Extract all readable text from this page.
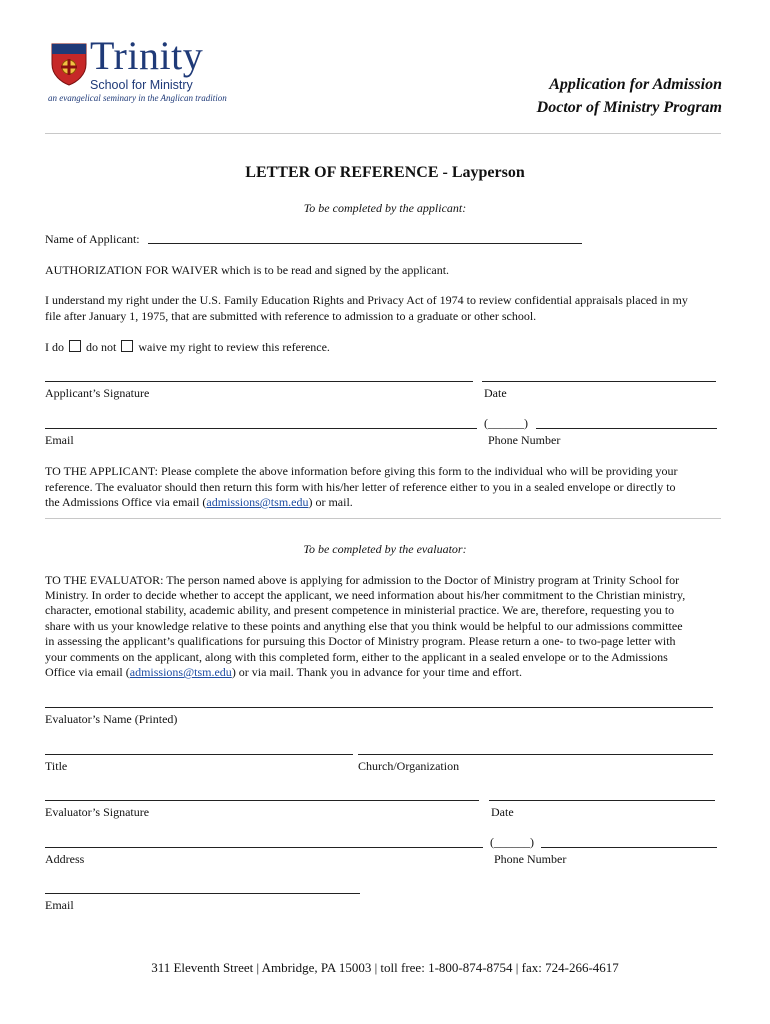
Trinity
School for Ministry
an evangelical seminary in the Anglican tradition
Application for Admission
Doctor of Ministry Program
LETTER OF REFERENCE - Layperson
To be completed by the applicant:
Name of Applicant:
AUTHORIZATION FOR WAIVER which is to be read and signed by the applicant.
I understand my right under the U.S. Family Education Rights and Privacy Act of 1974 to review confidential appraisals placed in my
file after January 1, 1975, that are submitted with reference to admission to a graduate or other school.
I do do not waive my right to review this reference.
Applicant’s Signature	Date
(______)
Email	Phone Number
TO THE APPLICANT: Please complete the above information before giving this form to the individual who will be providing your
reference. The evaluator should then return this form with his/her letter of reference either to you in a sealed envelope or directly to
the Admissions Office via email (admissions@tsm.edu) or mail.
To be completed by the evaluator:
TO THE EVALUATOR: The person named above is applying for admission to the Doctor of Ministry program at Trinity School for
Ministry. In order to decide whether to accept the applicant, we need information about his/her commitment to the Christian ministry,
character, emotional stability, academic ability, and present competence in ministerial practice. We are, therefore, requesting you to
share with us your knowledge relative to these points and anything else that you think would be helpful to our admissions committee
in assessing the applicant’s qualifications for pursuing this Doctor of Ministry program. Please return a one- to two-page letter with
your comments on the applicant, along with this completed form, either to the applicant in a sealed envelope or to the Admissions
Office via email (admissions@tsm.edu) or via mail. Thank you in advance for your time and effort.
Evaluator’s Name (Printed)
Title	Church/Organization
Evaluator’s Signature	Date
(______)
Address	Phone Number
Email
311 Eleventh Street | Ambridge, PA 15003 | toll free: 1-800-874-8754 | fax: 724-266-4617
